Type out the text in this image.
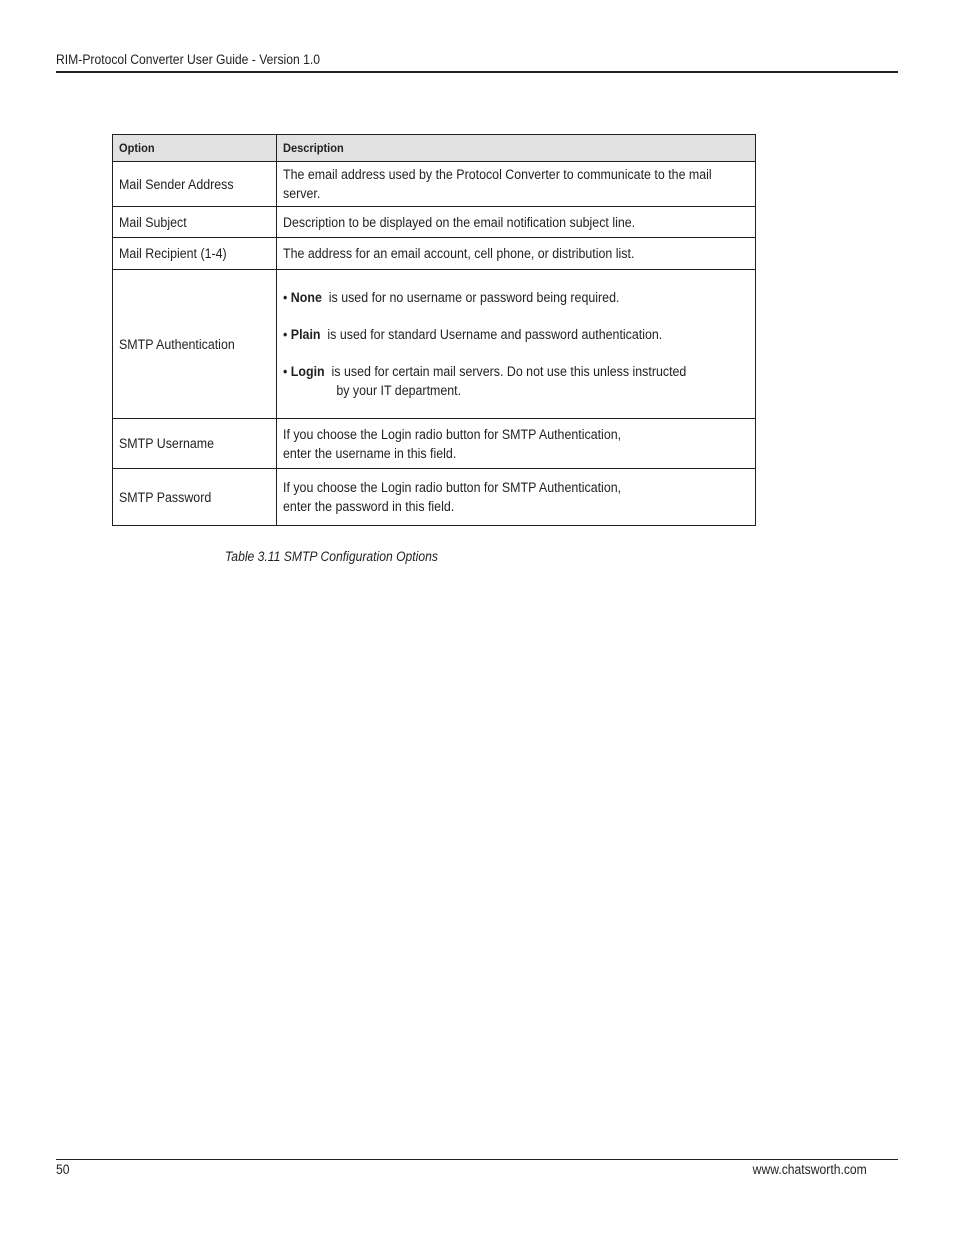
RIM-Protocol Converter User Guide - Version 1.0
Option	Description
Mail Sender Address	The email address used by the Protocol Converter to communicate to the mail
server.
Mail Subject	Description to be displayed on the email notification subject line.
Mail Recipient (1-4)	The address for an email account, cell phone, or distribution list.
SMTP Authentication	• None is used for no username or password being required.
• Plain is used for standard Username and password authentication.
• Login is used for certain mail servers. Do not use this unless instructed
by your IT department.

SMTP Username	If you choose the Login radio button for SMTP Authentication,
enter the username in this field.
SMTP Password	If you choose the Login radio button for SMTP Authentication,
enter the password in this field.
Table 3.11 SMTP Configuration Options
50	www.chatsworth.com
